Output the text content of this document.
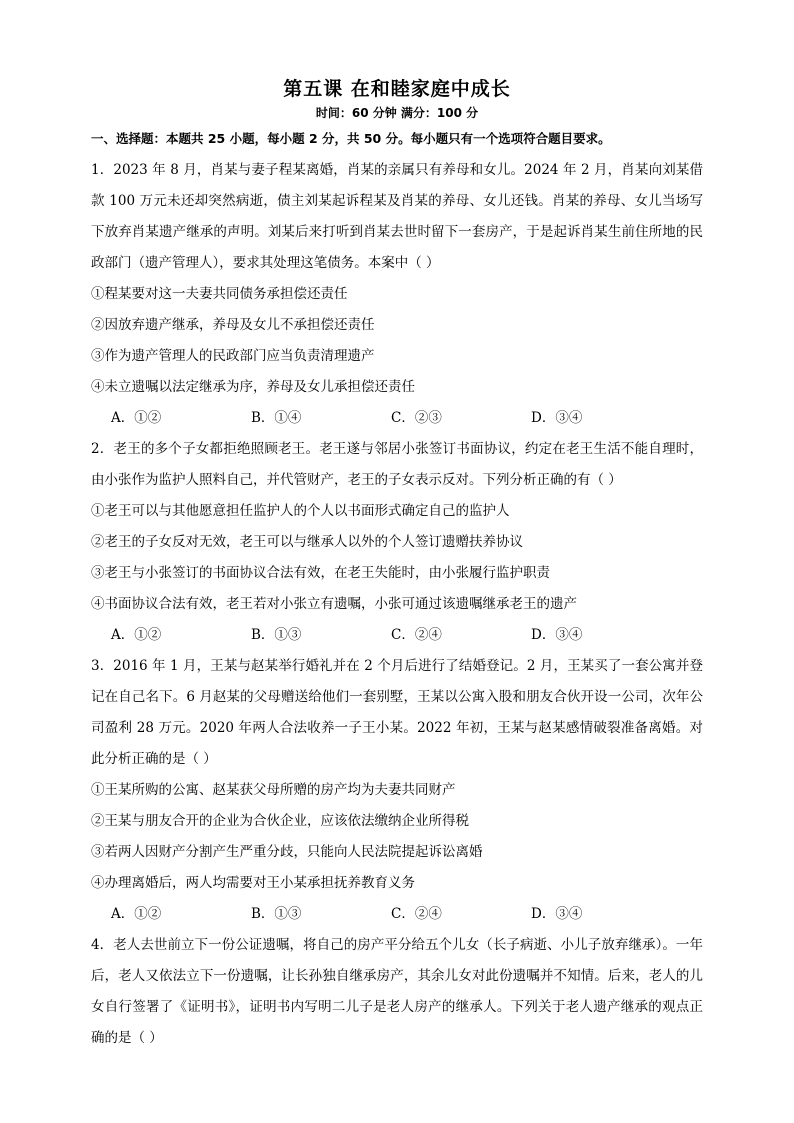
第五课 在和睦家庭中成长
时间：60 分钟 满分：100 分
一、选择题：本题共 25 小题，每小题 2 分，共 50 分。每小题只有一个选项符合题目要求。

1．2023 年 8 月，肖某与妻子程某离婚，肖某的亲属只有养母和女儿。2024 年 2 月，肖某向刘某借款 100 万元未还却突然病逝，债主刘某起诉程某及肖某的养母、女儿还钱。肖某的养母、女儿当场写下放弃肖某遗产继承的声明。刘某后来打听到肖某去世时留下一套房产，于是起诉肖某生前住所地的民政部门（遗产管理人），要求其处理这笔债务。本案中（ ）

①程某要对这一夫妻共同债务承担偿还责任

②因放弃遗产继承，养母及女儿不承担偿还责任

③作为遗产管理人的民政部门应当负责清理遗产

④未立遗嘱以法定继承为序，养母及女儿承担偿还责任

A．①②	B．①④	C．②③	D．③④

2．老王的多个子女都拒绝照顾老王。老王遂与邻居小张签订书面协议，约定在老王生活不能自理时，由小张作为监护人照料自己，并代管财产，老王的子女表示反对。下列分析正确的有（ ）

①老王可以与其他愿意担任监护人的个人以书面形式确定自己的监护人

②老王的子女反对无效，老王可以与继承人以外的个人签订遗赠扶养协议

③老王与小张签订的书面协议合法有效，在老王失能时，由小张履行监护职责

④书面协议合法有效，老王若对小张立有遗嘱，小张可通过该遗嘱继承老王的遗产

A．①②	B．①③	C．②④	D．③④

3．2016 年 1 月，王某与赵某举行婚礼并在 2 个月后进行了结婚登记。2 月，王某买了一套公寓并登记在自己名下。6 月赵某的父母赠送给他们一套别墅，王某以公寓入股和朋友合伙开设一公司，次年公司盈利 28 万元。2020 年两人合法收养一子王小某。2022 年初，王某与赵某感情破裂准备离婚。对此分析正确的是（ ）

①王某所购的公寓、赵某获父母所赠的房产均为夫妻共同财产

②王某与朋友合开的企业为合伙企业，应该依法缴纳企业所得税

③若两人因财产分割产生严重分歧，只能向人民法院提起诉讼离婚

④办理离婚后，两人均需要对王小某承担抚养教育义务

A．①②	B．①③	C．②④	D．③④

4．老人去世前立下一份公证遗嘱，将自己的房产平分给五个儿女（长子病逝、小儿子放弃继承）。一年后，老人又依法立下一份遗嘱，让长孙独自继承房产，其余儿女对此份遗嘱并不知情。后来，老人的儿女自行签署了《证明书》，证明书内写明二儿子是老人房产的继承人。下列关于老人遗产继承的观点正确的是（ ）
